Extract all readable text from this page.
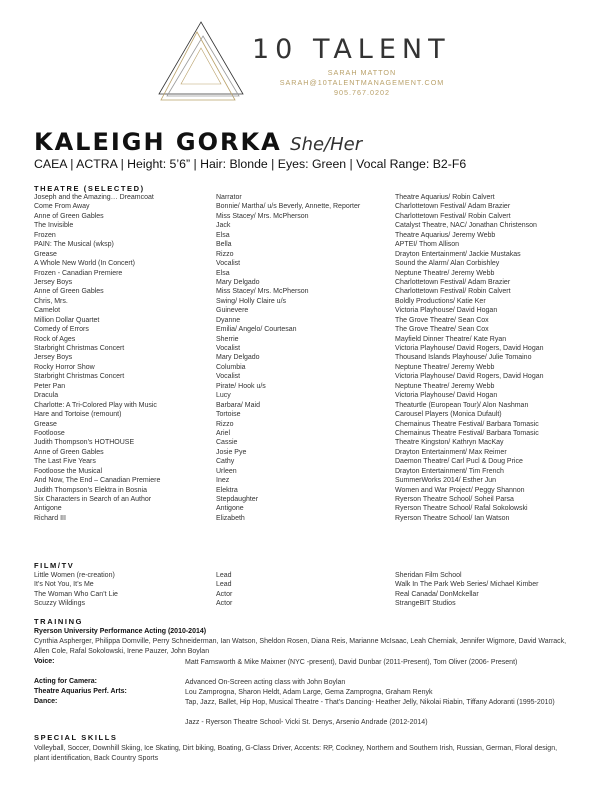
10 TALENT
SARAH MATTON
SARAH@10TALENTMANAGEMENT.COM
905.767.0202
KALEIGH GORKA She/Her
CAEA | ACTRA | Height: 5’6” | Hair: Blonde | Eyes: Green | Vocal Range: B2-F6
THEATRE (SELECTED)
Joseph and the Amazing… Dreamcoat	Narrator	Theatre Aquarius/ Robin Calvert
Come From Away	Bonnie/ Martha/ u/s Beverly, Annette, Reporter	Charlottetown Festival/ Adam Brazier
Anne of Green Gables	Miss Stacey/ Mrs. McPherson	Charlottetown Festival/ Robin Calvert
The Invisible	Jack	Catalyst Theatre, NAC/ Jonathan Christenson
Frozen	Elsa	Theatre Aquarius/ Jeremy Webb
PAIN: The Musical (wksp)	Bella	APTEI/ Thom Allison
Grease	Rizzo	Drayton Entertainment/ Jackie Mustakas
A Whole New World (In Concert)	Vocalist	Sound the Alarm/ Alan Corbishley
Frozen - Canadian Premiere	Elsa	Neptune Theatre/ Jeremy Webb
Jersey Boys	Mary Delgado	Charlottetown Festival/ Adam Brazier
Anne of Green Gables	Miss Stacey/ Mrs. McPherson	Charlottetown Festival/ Robin Calvert
Chris, Mrs.	Swing/ Holly Claire u/s	Boldly Productions/ Katie Ker
Camelot	Guinevere	Victoria Playhouse/ David Hogan
Million Dollar Quartet	Dyanne	The Grove Theatre/ Sean Cox
Comedy of Errors	Emilia/ Angelo/ Courtesan	The Grove Theatre/ Sean Cox
Rock of Ages	Sherrie	Mayfield Dinner Theatre/ Kate Ryan
Starbright Christmas Concert	Vocalist	Victoria Playhouse/ David Rogers, David Hogan
Jersey Boys	Mary Delgado	Thousand Islands Playhouse/ Julie Tomaino
Rocky Horror Show	Columbia	Neptune Theatre/ Jeremy Webb
Starbright Christmas Concert	Vocalist	Victoria Playhouse/ David Rogers, David Hogan
Peter Pan	Pirate/ Hook u/s	Neptune Theatre/ Jeremy Webb
Dracula	Lucy	Victoria Playhouse/ David Hogan
Charlotte: A Tri-Colored Play with Music	Barbara/ Maid	Theaturtle (European Tour)/ Alon Nashman
Hare and Tortoise (remount)	Tortoise	Carousel Players (Monica Dufault)
Grease	Rizzo	Chemainus Theatre Festival/ Barbara Tomasic
Footloose	Ariel	Chemainus Theatre Festival/ Barbara Tomasic
Judith Thompson’s HOTHOUSE	Cassie	Theatre Kingston/ Kathryn MacKay
Anne of Green Gables	Josie Pye	Drayton Entertainment/ Max Reimer
The Last Five Years	Cathy	Daemon Theatre/ Carl Pucl & Doug Price
Footloose the Musical	Urleen	Drayton Entertainment/ Tim French
And Now, The End – Canadian Premiere	Inez	SummerWorks 2014/ Esther Jun
Judith Thompson’s Elektra in Bosnia	Elektra	Women and War Project/ Peggy Shannon
Six Characters in Search of an Author	Stepdaughter	Ryerson Theatre School/ Soheil Parsa
Antigone	Antigone	Ryerson Theatre School/ Rafal Sokolowski
Richard III	Elizabeth	Ryerson Theatre School/ Ian Watson
FILM/TV
Little Women (re-creation)	Lead	Sheridan Film School
It’s Not You, It’s Me	Lead	Walk In The Park Web Series/ Michael Kimber
The Woman Who Can’t Lie	Actor	Real Canada/ DonMckellar
Scuzzy Wildings	Actor	StrangeBIT Studios
TRAINING
Ryerson University Performance Acting (2010-2014)
Cynthia Aspherger, Philippa Domville, Perry Schneiderman, Ian Watson, Sheldon Rosen, Diana Reis, Marianne McIsaac, Leah Cherniak, Jennifer Wigmore, David Warrack, Allen Cole, Rafal Sokolowski, Irene Pauzer, John Boylan
Voice:	Matt Farnsworth & Mike Maixner (NYC -present), David Dunbar (2011-Present), Tom Oliver (2006- Present)
Acting for Camera:	Advanced On-Screen acting class with John Boylan
Theatre Aquarius Perf. Arts:	Lou Zamprogna, Sharon Heldt, Adam Large, Gema Zamprogna, Graham Renyk
Dance:	Tap, Jazz, Ballet, Hip Hop, Musical Theatre - That’s Dancing- Heather Jelly, Nikolai Riabin, Tiffany Adoranti (1995-2010)
Jazz - Ryerson Theatre School- Vicki St. Denys, Arsenio Andrade (2012-2014)
SPECIAL SKILLS
Volleyball, Soccer, Downhill Skiing, Ice Skating, Dirt biking, Boating, G-Class Driver, Accents: RP, Cockney, Northern and Southern Irish, Russian, German, Floral design, plant identification, Back Country Sports
